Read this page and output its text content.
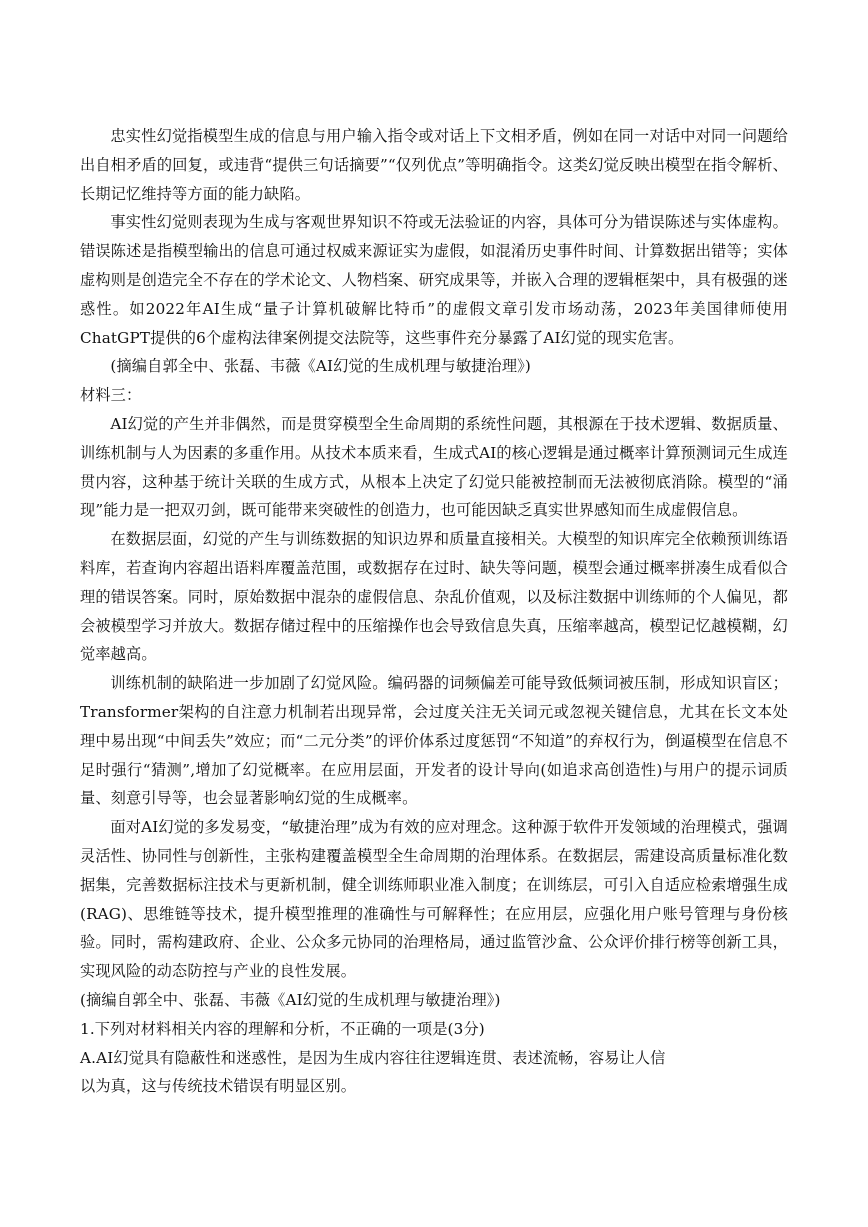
忠实性幻觉指模型生成的信息与用户输入指令或对话上下文相矛盾，例如在同一对话中对同一问题给出自相矛盾的回复，或违背“提供三句话摘要”“仅列优点”等明确指令。这类幻觉反映出模型在指令解析、长期记忆维持等方面的能力缺陷。

事实性幻觉则表现为生成与客观世界知识不符或无法验证的内容，具体可分为错误陈述与实体虚构。错误陈述是指模型输出的信息可通过权威来源证实为虚假，如混淆历史事件时间、计算数据出错等；实体虚构则是创造完全不存在的学术论文、人物档案、研究成果等，并嵌入合理的逻辑框架中，具有极强的迷惑性。如2022年AI生成“量子计算机破解比特币”的虚假文章引发市场动荡，2023年美国律师使用ChatGPT提供的6个虚构法律案例提交法院等，这些事件充分暴露了AI幻觉的现实危害。

(摘编自郭全中、张磊、韦薇《AI幻觉的生成机理与敏捷治理》)

材料三：

AI幻觉的产生并非偶然，而是贯穿模型全生命周期的系统性问题，其根源在于技术逻辑、数据质量、训练机制与人为因素的多重作用。从技术本质来看，生成式AI的核心逻辑是通过概率计算预测词元生成连贯内容，这种基于统计关联的生成方式，从根本上决定了幻觉只能被控制而无法被彻底消除。模型的“涌现”能力是一把双刃剑，既可能带来突破性的创造力，也可能因缺乏真实世界感知而生成虚假信息。

在数据层面，幻觉的产生与训练数据的知识边界和质量直接相关。大模型的知识库完全依赖预训练语料库，若查询内容超出语料库覆盖范围，或数据存在过时、缺失等问题，模型会通过概率拼凑生成看似合理的错误答案。同时，原始数据中混杂的虚假信息、杂乱价值观，以及标注数据中训练师的个人偏见，都会被模型学习并放大。数据存储过程中的压缩操作也会导致信息失真，压缩率越高，模型记忆越模糊，幻觉率越高。

训练机制的缺陷进一步加剧了幻觉风险。编码器的词频偏差可能导致低频词被压制，形成知识盲区；Transformer架构的自注意力机制若出现异常，会过度关注无关词元或忽视关键信息，尤其在长文本处理中易出现“中间丢失”效应；而“二元分类”的评价体系过度惩罚“不知道”的弃权行为，倒逼模型在信息不足时强行“猜测”,增加了幻觉概率。在应用层面，开发者的设计导向(如追求高创造性)与用户的提示词质量、刻意引导等，也会显著影响幻觉的生成概率。

面对AI幻觉的多发易变，“敏捷治理”成为有效的应对理念。这种源于软件开发领域的治理模式，强调灵活性、协同性与创新性，主张构建覆盖模型全生命周期的治理体系。在数据层，需建设高质量标准化数据集，完善数据标注技术与更新机制，健全训练师职业准入制度；在训练层，可引入自适应检索增强生成(RAG)、思维链等技术，提升模型推理的准确性与可解释性；在应用层，应强化用户账号管理与身份核验。同时，需构建政府、企业、公众多元协同的治理格局，通过监管沙盒、公众评价排行榜等创新工具，实现风险的动态防控与产业的良性发展。

(摘编自郭全中、张磊、韦薇《AI幻觉的生成机理与敏捷治理》)

1.下列对材料相关内容的理解和分析，不正确的一项是(3分)

A.AI幻觉具有隐蔽性和迷惑性，是因为生成内容往往逻辑连贯、表述流畅，容易让人信以为真，这与传统技术错误有明显区别。
